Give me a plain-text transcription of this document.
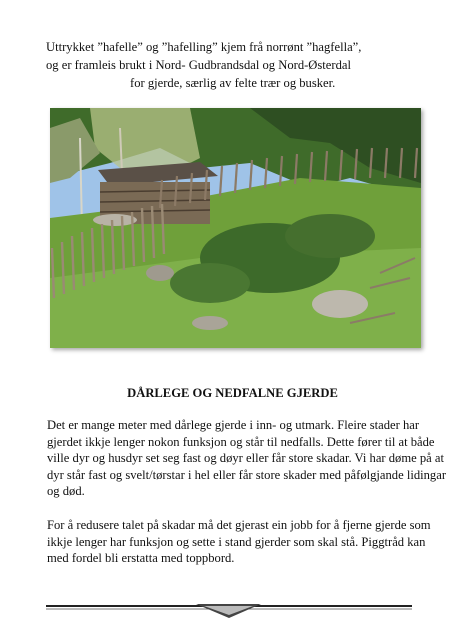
Uttrykket ”hafelle” og ”hafelling” kjem frå norrønt ”hagfella”,
og er framleis brukt i Nord- Gudbrandsdal og Nord-Østerdal
for gjerde, særlig av felte trær og busker.
DÅRLEGE OG NEDFALNE GJERDE
Det er mange meter med dårlege gjerde i inn- og utmark. Fleire stader har gjerdet ikkje lenger nokon funksjon og står til nedfalls. Dette fører til at både ville dyr og husdyr set seg fast og døyr eller får store skadar. Vi har døme på at dyr står fast og svelt/tørstar i hel eller får store skader med påfølgjande lidingar og død.
For å redusere talet på skadar må det gjerast ein jobb for å fjerne gjerde som ikkje lenger har funksjon og sette i stand gjerder som skal stå. Piggtråd kan med fordel bli erstatta med toppbord.
